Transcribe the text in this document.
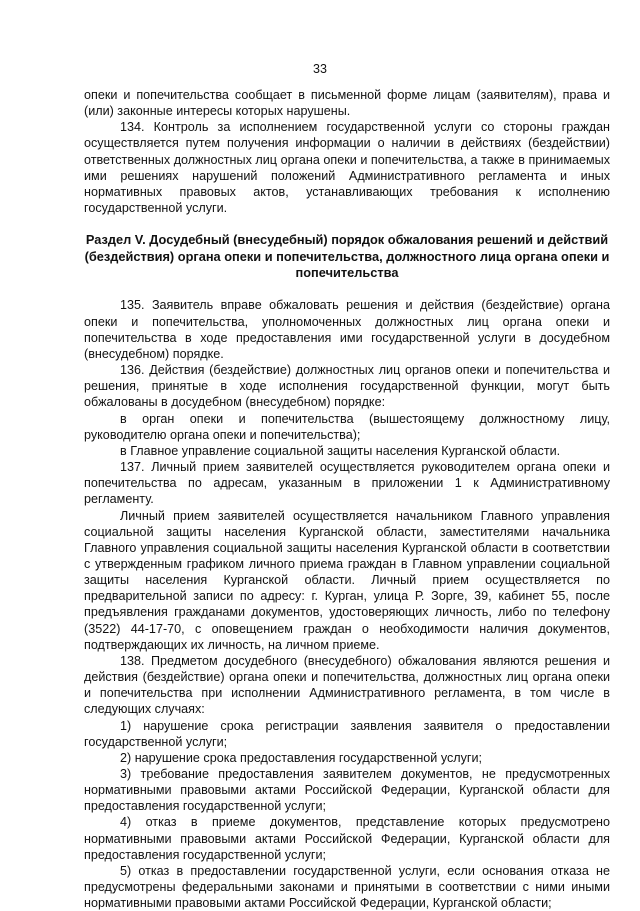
33

опеки и попечительства сообщает в письменной форме лицам (заявителям), права и (или) законные интересы которых нарушены.

134. Контроль за исполнением государственной услуги со стороны граждан осуществляется путем получения информации о наличии в действиях (бездействии) ответственных должностных лиц органа опеки и попечительства, а также в принимаемых ими решениях нарушений положений Административного регламента и иных нормативных правовых актов, устанавливающих требования к исполнению государственной услуги.

Раздел V. Досудебный (внесудебный) порядок обжалования решений и действий (бездействия) органа опеки и попечительства, должностного лица органа опеки и попечительства

135. Заявитель вправе обжаловать решения и действия (бездействие) органа опеки и попечительства, уполномоченных должностных лиц органа опеки и попечительства в ходе предоставления ими государственной услуги в досудебном (внесудебном) порядке.

136. Действия (бездействие) должностных лиц органов опеки и попечительства и решения, принятые в ходе исполнения государственной функции, могут быть обжалованы в досудебном (внесудебном) порядке:

в орган опеки и попечительства (вышестоящему должностному лицу, руководителю органа опеки и попечительства);

в Главное управление социальной защиты населения Курганской области.

137. Личный прием заявителей осуществляется руководителем органа опеки и попечительства по адресам, указанным в приложении 1 к Административному регламенту.

Личный прием заявителей осуществляется начальником Главного управления социальной защиты населения Курганской области, заместителями начальника Главного управления социальной защиты населения Курганской области в соответствии с утвержденным графиком личного приема граждан в Главном управлении социальной защиты населения Курганской области. Личный прием осуществляется по предварительной записи по адресу: г. Курган, улица Р. Зорге, 39, кабинет 55, после предъявления гражданами документов, удостоверяющих личность, либо по телефону (3522) 44-17-70, с оповещением граждан о необходимости наличия документов, подтверждающих их личность, на личном приеме.

138. Предметом досудебного (внесудебного) обжалования являются решения и действия (бездействие) органа опеки и попечительства, должностных лиц органа опеки и попечительства при исполнении Административного регламента, в том числе в следующих случаях:

1) нарушение срока регистрации заявления заявителя о предоставлении государственной услуги;

2) нарушение срока предоставления государственной услуги;

3) требование предоставления заявителем документов, не предусмотренных нормативными правовыми актами Российской Федерации, Курганской области для предоставления государственной услуги;

4) отказ в приеме документов, представление которых предусмотрено нормативными правовыми актами Российской Федерации, Курганской области для предоставления государственной услуги;

5) отказ в предоставлении государственной услуги, если основания отказа не предусмотрены федеральными законами и принятыми в соответствии с ними иными нормативными правовыми актами Российской Федерации, Курганской области;
